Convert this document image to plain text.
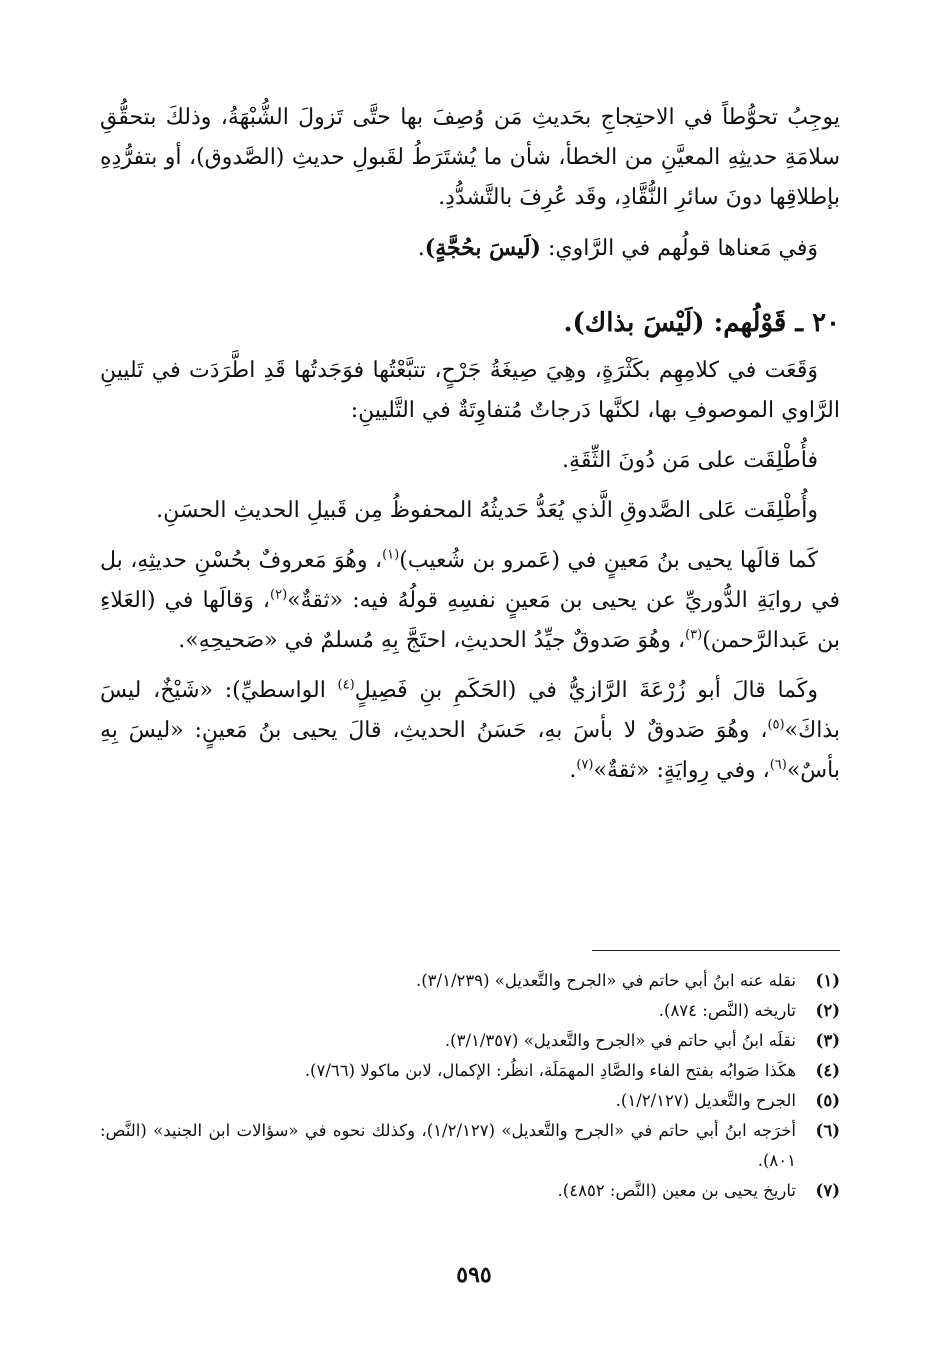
يوجِبُ تحوُّطاً في الاحتِجاجِ بحَديثِ مَن وُصِفَ بها حتَّى تَزولَ الشُّبْهَةُ، وذلكَ بتحقُّقِ سلامَةِ حديثِهِ المعيَّنِ من الخطأ، شأن ما يُشتَرَطُ لقَبولِ حديثِ (الصَّدوق)، أو بتفرُّدِهِ بإطلاقِها دونَ سائرِ النُّقَّادِ، وقَد عُرِفَ بالتَّشدُّدِ.

وَفي مَعناها قولُهم في الرَّاوي: (لَيسَ بحُجَّةٍ).

٢٠ ـ قَوْلُهم: (لَيْسَ بذاك).

وَقَعَت في كلامِهِم بكَثْرَةٍ، وهِيَ صِيغَةُ جَرْحٍ، تتبَّعْتُها فوَجَدتُها قَدِ اطَّرَدَت في تَليينِ الرَّاوي الموصوفِ بها، لكنَّها دَرجاتٌ مُتفاوِتَةٌ في التَّليينِ:

فأُطْلِقَت على مَن دُونَ الثِّقَةِ.

وأُطْلِقَت عَلى الصَّدوقِ الَّذي يُعَدُّ حَديثُهُ المحفوظُ مِن قَبيلِ الحديثِ الحسَنِ.

كَما قالَها يحيى بنُ مَعينٍ في (عَمرو بن شُعيب)$^{(١)}$، وهُوَ مَعروفٌ بحُسْنِ حديثِهِ، بل في روايَةِ الدُّوريِّ عن يحيى بن مَعينٍ نفسِهِ قولُهُ فيه: «ثقةٌ»$^{(٢)}$، وَقالَها في (العَلاءِ بن عَبدالرَّحمن)$^{(٣)}$، وهُوَ صَدوقٌ جيِّدُ الحديثِ، احتَجَّ بِهِ مُسلمٌ في «صَحيحِهِ».

وكَما قالَ أبو زُرْعَةَ الرَّازيُّ في (الحَكَمِ بنِ فَصِيلٍ$^{(٤)}$ الواسطيِّ): «شَيْخٌ، ليسَ بذاكَ»$^{(٥)}$، وهُوَ صَدوقٌ لا بأسَ بهِ، حَسَنُ الحديثِ، قالَ يحيى بنُ مَعينٍ: «ليسَ بِهِ بأسٌ»$^{(٦)}$، وفي رِوايَةٍ: «ثقةٌ»$^{(٧)}$.

(١)
نقله عنه ابنُ أبي حاتم في «الجرح والتَّعديل» (٣/١/٢٣٩).
(٢)
تاريخه (النَّص: ٨٧٤).
(٣)
نقلَه ابنُ أبي حاتم في «الجرح والتَّعديل» (٣/١/٣٥٧).
(٤)
هكَذا صَوابُه بفتح الفاء والصَّادِ المهمَلَة، انظُر: الإكمال، لابن ماكولا (٧/٦٦).
(٥)
الجرح والتَّعديل (١/٢/١٢٧).
(٦)
أخرَجه ابنُ أبي حاتم في «الجرح والتَّعديل» (١/٢/١٢٧)، وكذلك نحوه في «سؤالات ابن الجنيد» (النَّص: ٨٠١).
(٧)
تاريخ يحيى بن معين (النَّص: ٤٨٥٢).
٥٩٥
